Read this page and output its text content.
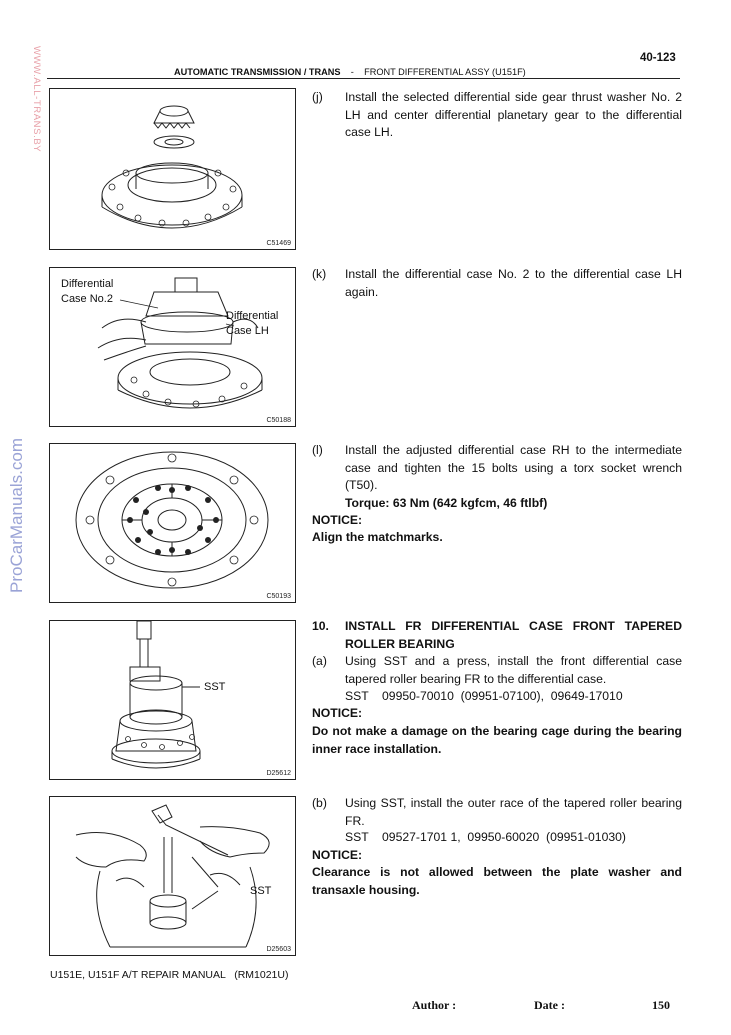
WWW.ALL-TRANS.BY
ProCarManuals.com
40-123
AUTOMATIC TRANSMISSION / TRANS - FRONT DIFFERENTIAL ASSY (U151F)
C51469
Differential
Case No.2
Differential
Case LH
C50188
C50193
SST
D25612
SST
D25603
(j) Install the selected differential side gear thrust washer No. 2 LH and center differential planetary gear to the differential case LH.
(k) Install the differential case No. 2 to the differential case LH again.
(l) Install the adjusted differential case RH to the intermediate case and tighten the 15 bolts using a torx socket wrench (T50).
Torque: 63 Nm (642 kgfcm, 46 ftlbf)
NOTICE:
Align the matchmarks.
10. INSTALL FR DIFFERENTIAL CASE FRONT TAPERED ROLLER BEARING
(a) Using SST and a press, install the front differential case tapered roller bearing FR to the differential case.
SST    09950-70010  (09951-07100),  09649-17010
NOTICE:
Do not make a damage on the bearing cage during the bearing inner race installation.
(b) Using SST, install the outer race of the tapered roller bearing FR.
SST    09527-1701 1,  09950-60020  (09951-01030)
NOTICE:
Clearance is not allowed between the plate washer and transaxle housing.
U151E, U151F A/T REPAIR MANUAL   (RM1021U)
Author :	Date :	150
